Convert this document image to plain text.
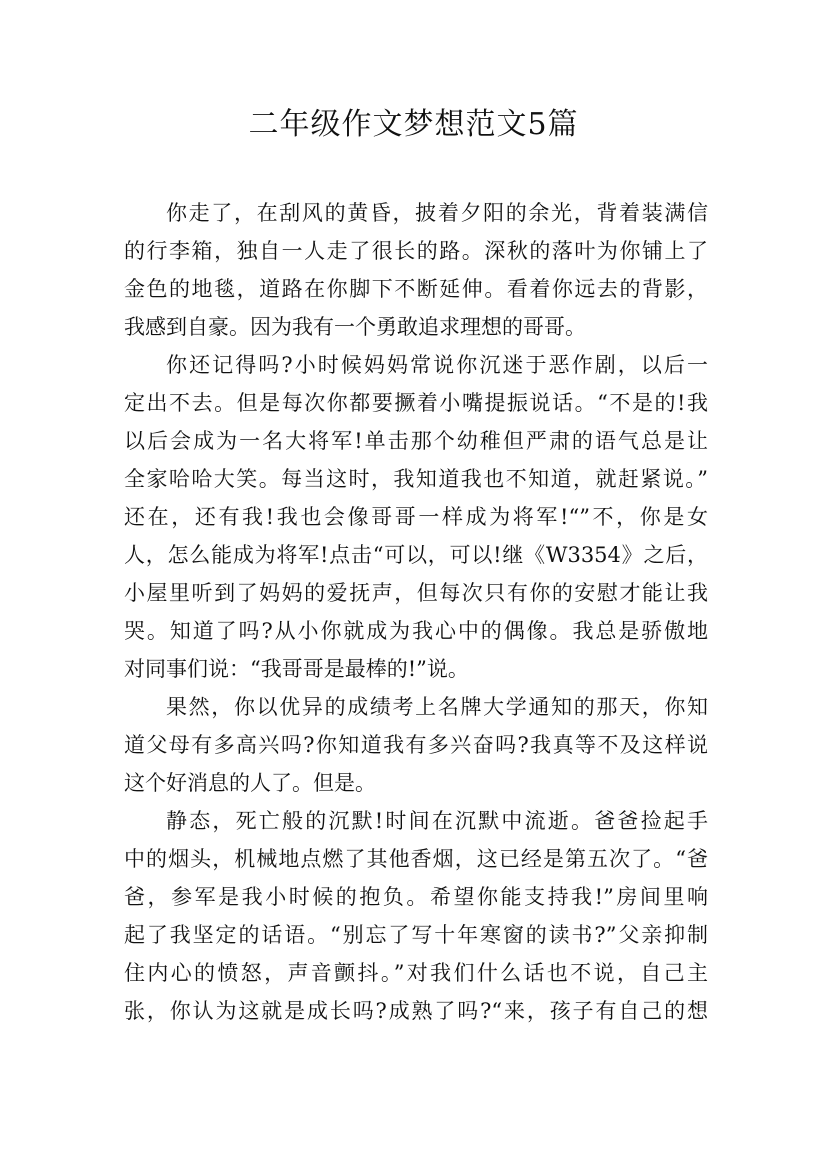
二年级作文梦想范文5篇
你走了，在刮风的黄昏，披着夕阳的余光，背着装满信
的行李箱，独自一人走了很长的路。深秋的落叶为你铺上了
金色的地毯，道路在你脚下不断延伸。看着你远去的背影，
我感到自豪。因为我有一个勇敢追求理想的哥哥。
你还记得吗?小时候妈妈常说你沉迷于恶作剧，以后一
定出不去。但是每次你都要撅着小嘴提振说话。“不是的!我
以后会成为一名大将军!单击那个幼稚但严肃的语气总是让
全家哈哈大笑。每当这时，我知道我也不知道，就赶紧说。”
还在，还有我!我也会像哥哥一样成为将军!“”不，你是女
人，怎么能成为将军!点击“可以，可以!继《W3354》之后，
小屋里听到了妈妈的爱抚声，但每次只有你的安慰才能让我
哭。知道了吗?从小你就成为我心中的偶像。我总是骄傲地
对同事们说：“我哥哥是最棒的!”说。
果然，你以优异的成绩考上名牌大学通知的那天，你知
道父母有多高兴吗?你知道我有多兴奋吗?我真等不及这样说
这个好消息的人了。但是。
静态，死亡般的沉默!时间在沉默中流逝。爸爸捡起手
中的烟头，机械地点燃了其他香烟，这已经是第五次了。“爸
爸，参军是我小时候的抱负。希望你能支持我!”房间里响
起了我坚定的话语。“别忘了写十年寒窗的读书?”父亲抑制
住内心的愤怒，声音颤抖。”对我们什么话也不说，自己主
张，你认为这就是成长吗?成熟了吗?“来，孩子有自己的想
